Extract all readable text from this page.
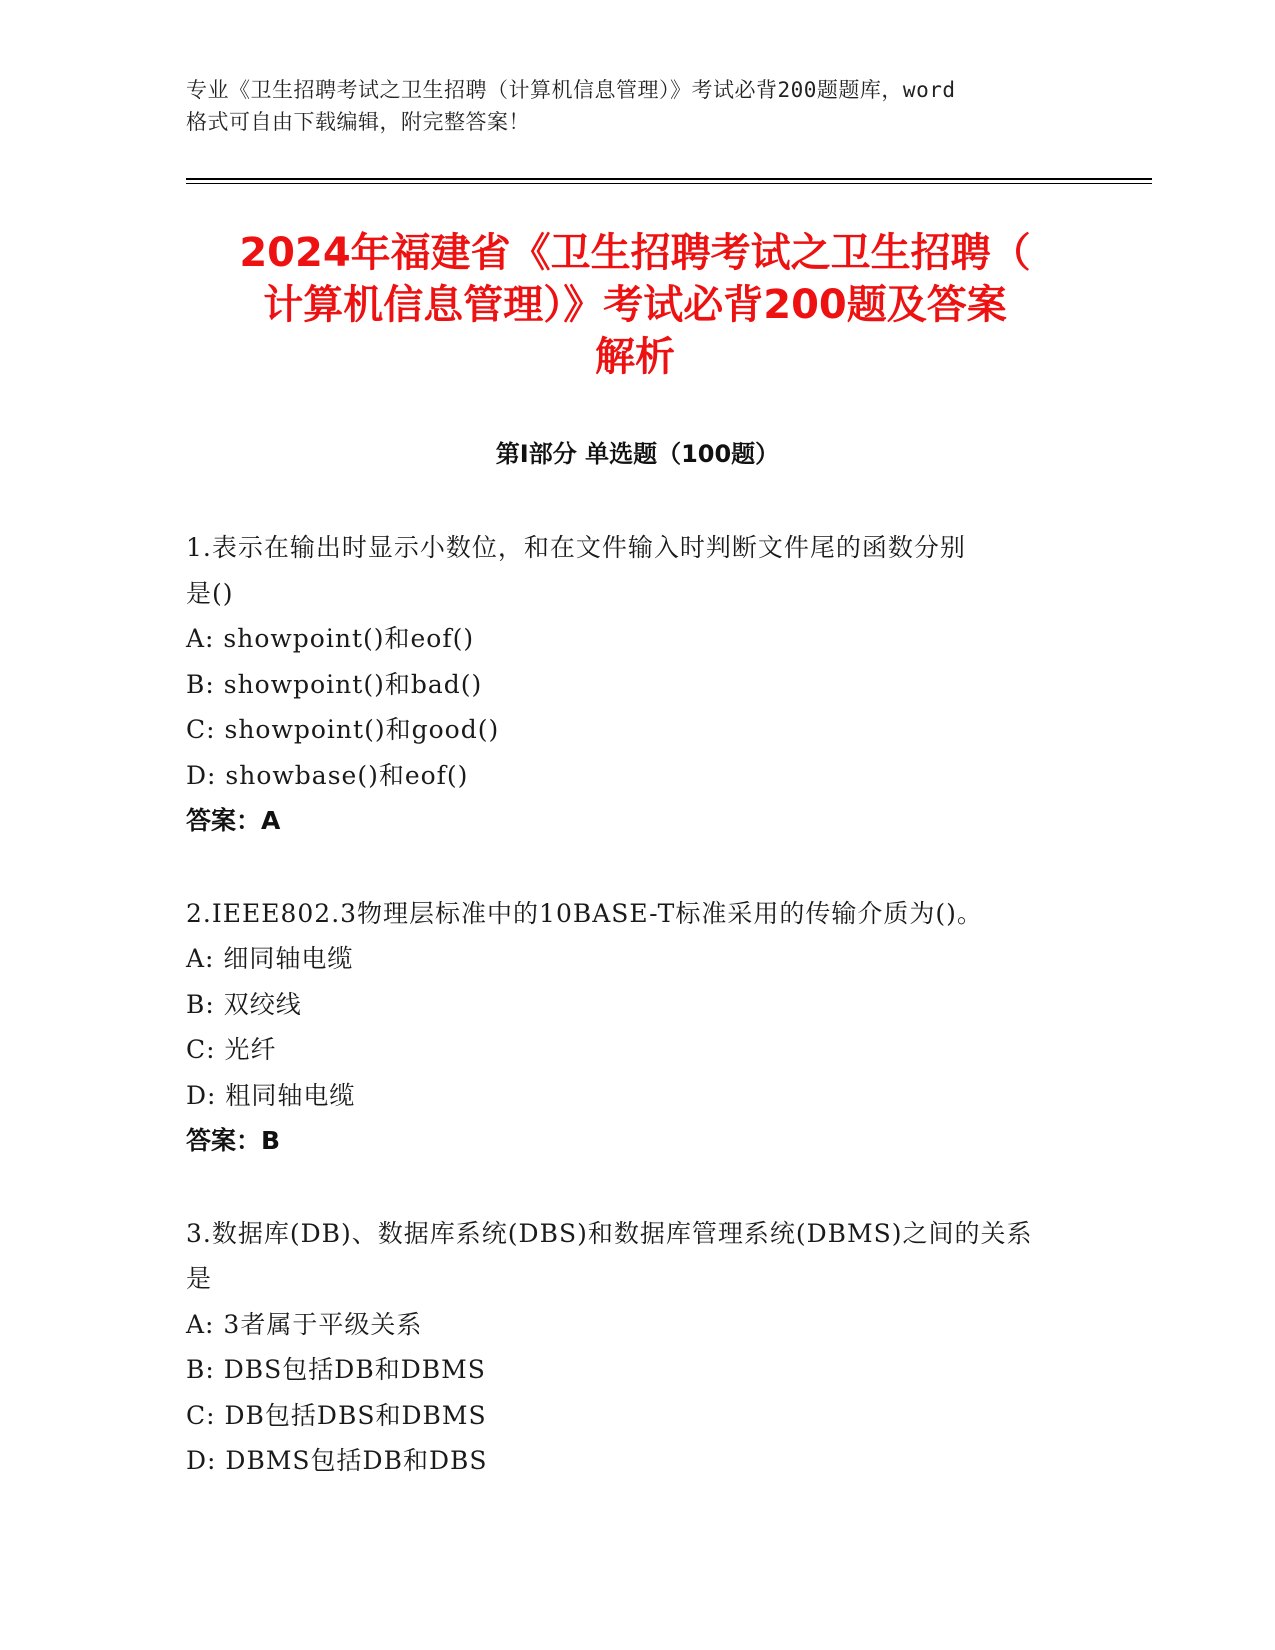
专业《卫生招聘考试之卫生招聘（计算机信息管理）》考试必背200题题库，word
格式可自由下载编辑，附完整答案！
2024年福建省《卫生招聘考试之卫生招聘（
计算机信息管理）》考试必背200题及答案
解析
第Ⅰ部分 单选题（100题）

1.表示在输出时显示小数位，和在文件输入时判断文件尾的函数分别

是()

A: showpoint()和eof()

B: showpoint()和bad()

C: showpoint()和good()

D: showbase()和eof()

答案：A

2.IEEE802.3物理层标准中的10BASE-T标准采用的传输介质为()。

A: 细同轴电缆

B: 双绞线

C: 光纤

D: 粗同轴电缆

答案：B

3.数据库(DB)、数据库系统(DBS)和数据库管理系统(DBMS)之间的关系

是

A: 3者属于平级关系

B: DBS包括DB和DBMS

C: DB包括DBS和DBMS

D: DBMS包括DB和DBS
